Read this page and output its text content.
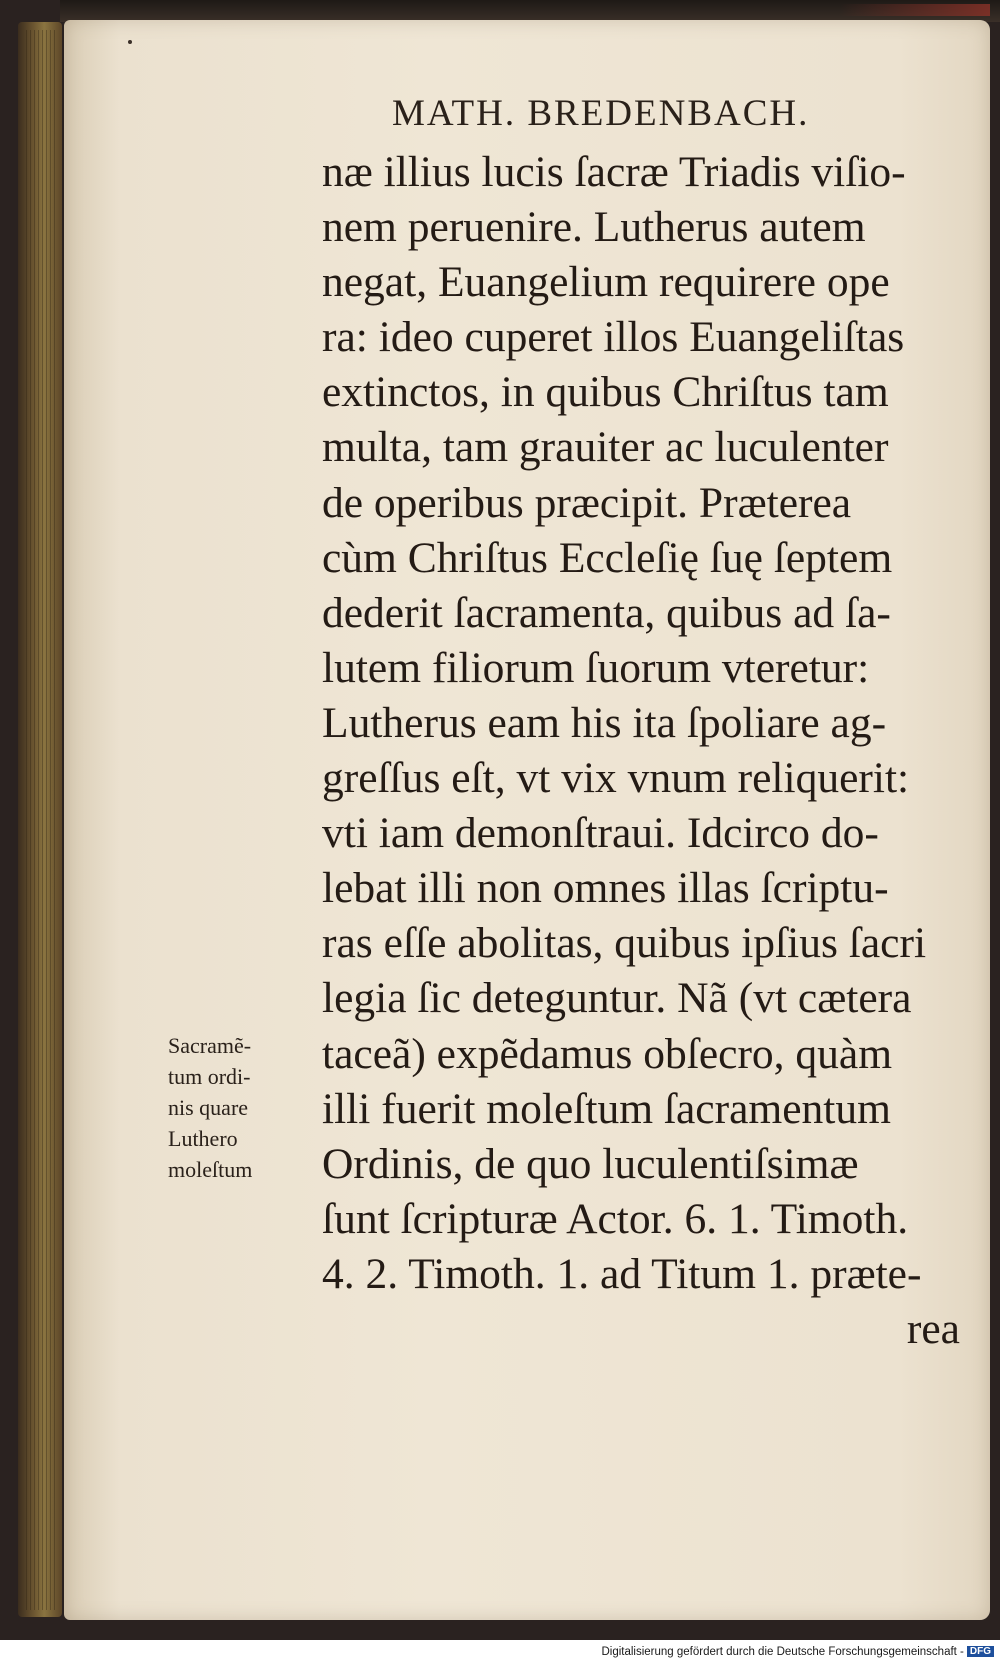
MATH. BREDENBACH.
næ illius lucis ſacræ Triadis viſio-
nem peruenire. Lutherus autem
negat, Euangelium requirere ope
ra: ideo cuperet illos Euangeliſtas
extinctos, in quibus Chriſtus tam
multa, tam grauiter ac luculenter
de operibus præcipit. Præterea
cùm Chriſtus Eccleſię ſuę ſeptem
dederit ſacramenta, quibus ad ſa-
lutem filiorum ſuorum vteretur:
Lutherus eam his ita ſpoliare ag-
greſſus eſt, vt vix vnum reliquerit:
vti iam demonſtraui. Idcirco do-
lebat illi non omnes illas ſcriptu-
ras eſſe abolitas, quibus ipſius ſacri
legia ſic deteguntur. Nã (vt cætera
taceã) expẽdamus obſecro, quàm
illi fuerit moleſtum ſacramentum
Ordinis, de quo luculentiſsimæ
ſunt ſcripturæ Actor. 6. 1. Timoth.
4. 2. Timoth. 1. ad Titum 1. præte-
rea
Sacramẽ-
tum ordi-
nis quare
Luthero
moleſtum
Digitalisierung gefördert durch die Deutsche Forschungsgemeinschaft - DFG
